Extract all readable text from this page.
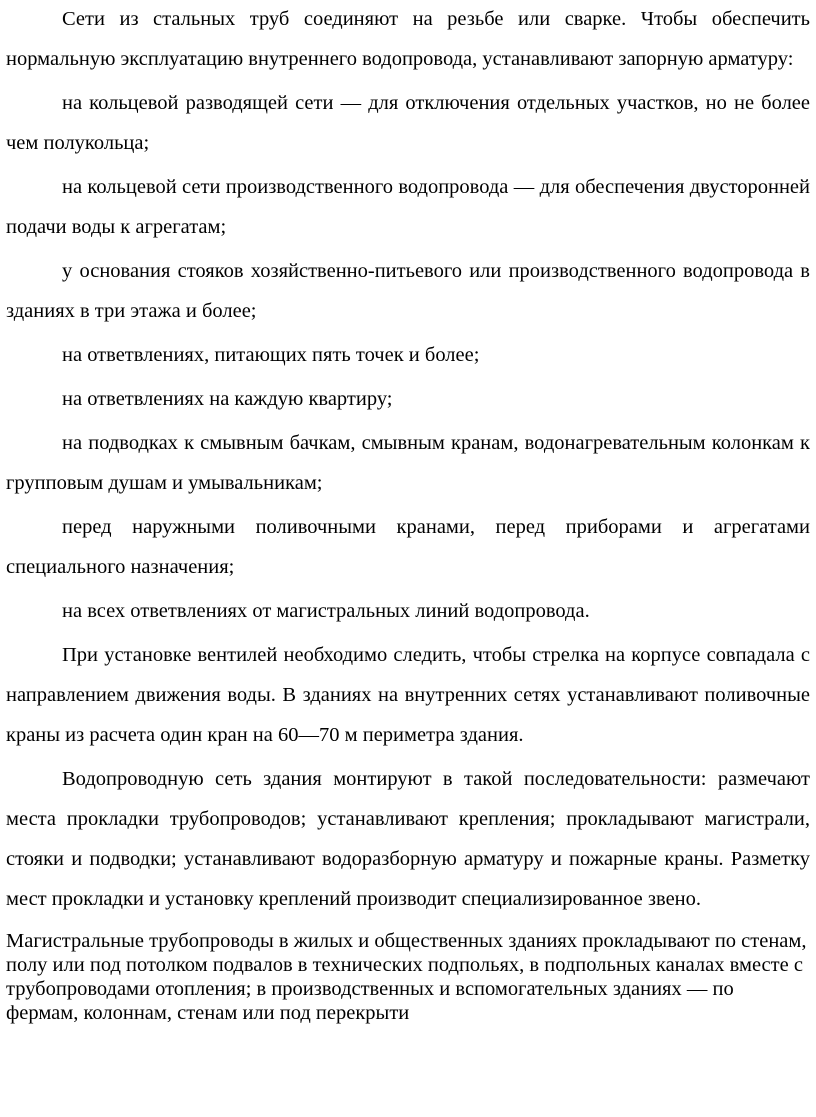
Сети из стальных труб соединяют на резьбе или сварке. Чтобы обеспечить нормальную эксплуатацию внутреннего водопровода, устанавливают запорную арматуру:

на кольцевой разводящей сети — для отключения отдельных участков, но не более чем полукольца;

на кольцевой сети производственного водопровода — для обеспечения двусторонней подачи воды к агрегатам;

у основания стояков хозяйственно-питьевого или производственного водопровода в зданиях в три этажа и более;

на ответвлениях, питающих пять точек и более;

на ответвлениях на каждую квартиру;

на подводках к смывным бачкам, смывным кранам, водонагревательным колонкам к групповым душам и умывальникам;

перед наружными поливочными кранами, перед приборами и агрегатами специального назначения;

на всех ответвлениях от магистральных линий водопровода.

При установке вентилей необходимо следить, чтобы стрелка на корпусе совпадала с направлением движения воды. В зданиях на внутренних сетях устанавливают поливочные краны из расчета один кран на 60—70 м периметра здания.

Водопроводную сеть здания монтируют в такой последовательности: размечают места прокладки трубопроводов; устанавливают крепления; прокладывают магистрали, стояки и подводки; устанавливают водоразборную арматуру и пожарные краны. Разметку мест прокладки и установку креплений производит специализированное звено.

Магистральные трубопроводы в жилых и общественных зданиях прокладывают по стенам, полу или под потолком подвалов в технических подпольях, в подпольных каналах вместе с трубопроводами отопления; в производственных и вспомогательных зданиях — по фермам, колоннам, стенам или под перекрыти
